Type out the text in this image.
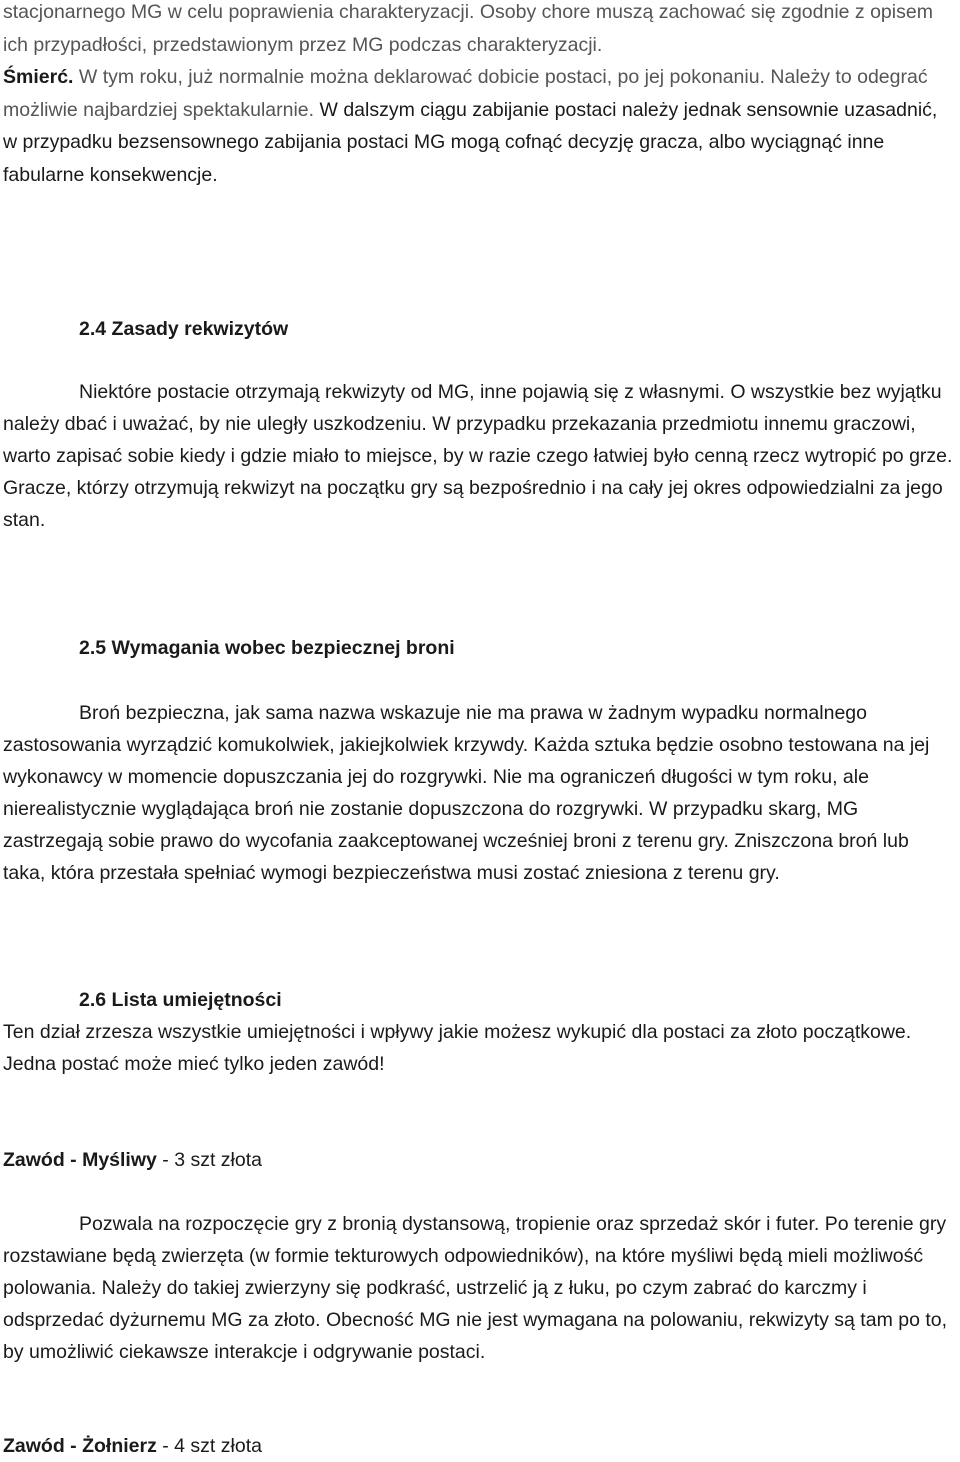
stacjonarnego MG w celu poprawienia charakteryzacji. Osoby chore muszą zachować się zgodnie z opisem ich przypadłości, przedstawionym przez MG podczas charakteryzacji.
Śmierć. W tym roku, już normalnie można deklarować dobicie postaci, po jej pokonaniu. Należy to odegrać możliwie najbardziej spektakularnie. W dalszym ciągu zabijanie postaci należy jednak sensownie uzasadnić, w przypadku bezsensownego zabijania postaci MG mogą cofnąć decyzję gracza, albo wyciągnąć inne fabularne konsekwencje.
2.4 Zasady rekwizytów
Niektóre postacie otrzymają rekwizyty od MG, inne pojawią się z własnymi. O wszystkie bez wyjątku należy dbać i uważać, by nie uległy uszkodzeniu. W przypadku przekazania przedmiotu innemu graczowi, warto zapisać sobie kiedy i gdzie miało to miejsce, by w razie czego łatwiej było cenną rzecz wytropić po grze. Gracze, którzy otrzymują rekwizyt na początku gry są bezpośrednio i na cały jej okres odpowiedzialni za jego stan.
2.5 Wymagania wobec bezpiecznej broni
Broń bezpieczna, jak sama nazwa wskazuje nie ma prawa w żadnym wypadku normalnego zastosowania wyrządzić komukolwiek, jakiejkolwiek krzywdy. Każda sztuka będzie osobno testowana na jej wykonawcy w momencie dopuszczania jej do rozgrywki. Nie ma ograniczeń długości w tym roku, ale nierealistycznie wyglądająca broń nie zostanie dopuszczona do rozgrywki. W przypadku skarg, MG zastrzegają sobie prawo do wycofania zaakceptowanej wcześniej broni z terenu gry. Zniszczona broń lub taka, która przestała spełniać wymogi bezpieczeństwa musi zostać zniesiona z terenu gry.
2.6 Lista umiejętności
Ten dział zrzesza wszystkie umiejętności i wpływy jakie możesz wykupić dla postaci za złoto początkowe. Jedna postać może mieć tylko jeden zawód!
Zawód - Myśliwy - 3 szt złota
Pozwala na rozpoczęcie gry z bronią dystansową, tropienie oraz sprzedaż skór i futer. Po terenie gry rozstawiane będą zwierzęta (w formie tekturowych odpowiedników), na które myśliwi będą mieli możliwość polowania. Należy do takiej zwierzyny się podkraść, ustrzelić ją z łuku, po czym zabrać do karczmy i odsprzedać dyżurnemu MG za złoto. Obecność MG nie jest wymagana na polowaniu, rekwizyty są tam po to, by umożliwić ciekawsze interakcje i odgrywanie postaci.
Zawód - Żołnierz - 4 szt złota
